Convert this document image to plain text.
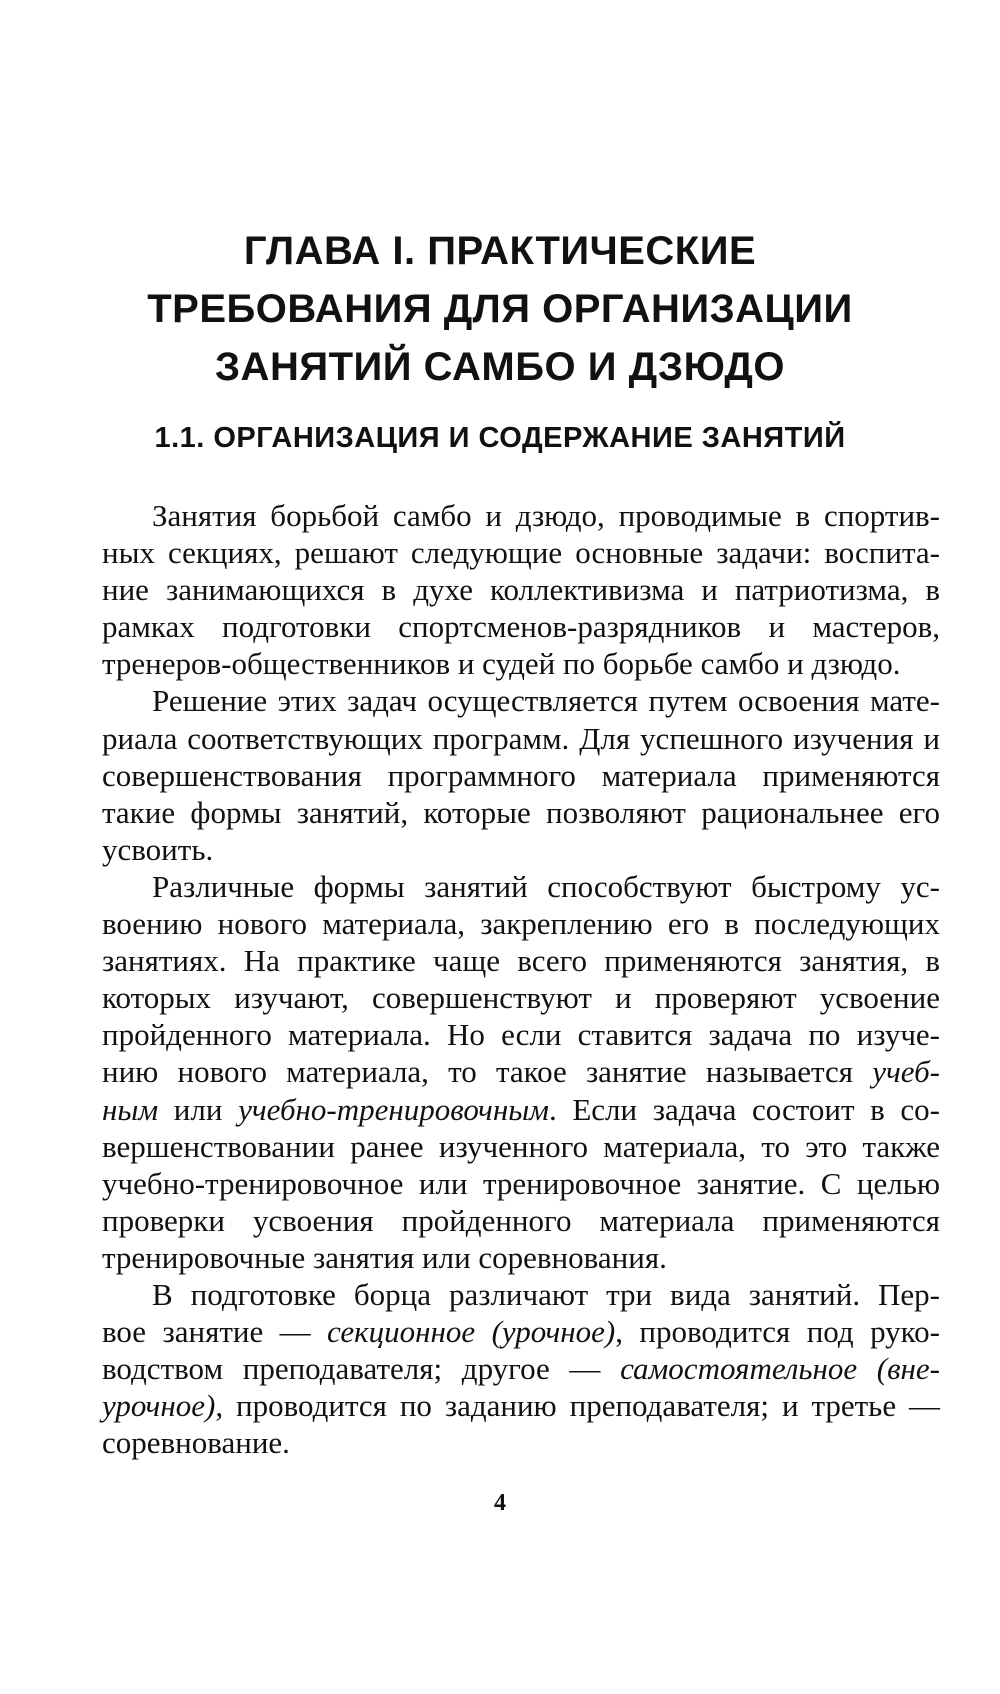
ГЛАВА I. ПРАКТИЧЕСКИЕ
ТРЕБОВАНИЯ ДЛЯ ОРГАНИЗАЦИИ
ЗАНЯТИЙ САМБО И ДЗЮДО
1.1. ОРГАНИЗАЦИЯ И СОДЕРЖАНИЕ ЗАНЯТИЙ
Занятия борьбой самбо и дзюдо, проводимые в спортив-
ных секциях, решают следующие основные задачи: воспита-
ние занимающихся в духе коллективизма и патриотизма, в
рамках подготовки спортсменов-разрядников и мастеров,
тренеров-общественников и судей по борьбе самбо и дзюдо.
Решение этих задач осуществляется путем освоения мате-
риала соответствующих программ. Для успешного изучения и
совершенствования программного материала применяются
такие формы занятий, которые позволяют рациональнее его
усвоить.
Различные формы занятий способствуют быстрому ус-
воению нового материала, закреплению его в последующих
занятиях. На практике чаще всего применяются занятия, в
которых изучают, совершенствуют и проверяют усвоение
пройденного материала. Но если ставится задача по изуче-
нию нового материала, то такое занятие называется учеб-
ным или учебно-тренировочным. Если задача состоит в со-
вершенствовании ранее изученного материала, то это также
учебно-тренировочное или тренировочное занятие. С целью
проверки усвоения пройденного материала применяются
тренировочные занятия или соревнования.
В подготовке борца различают три вида занятий. Пер-
вое занятие — секционное (урочное), проводится под руко-
водством преподавателя; другое — самостоятельное (вне-
урочное), проводится по заданию преподавателя; и третье —
соревнование.
4
